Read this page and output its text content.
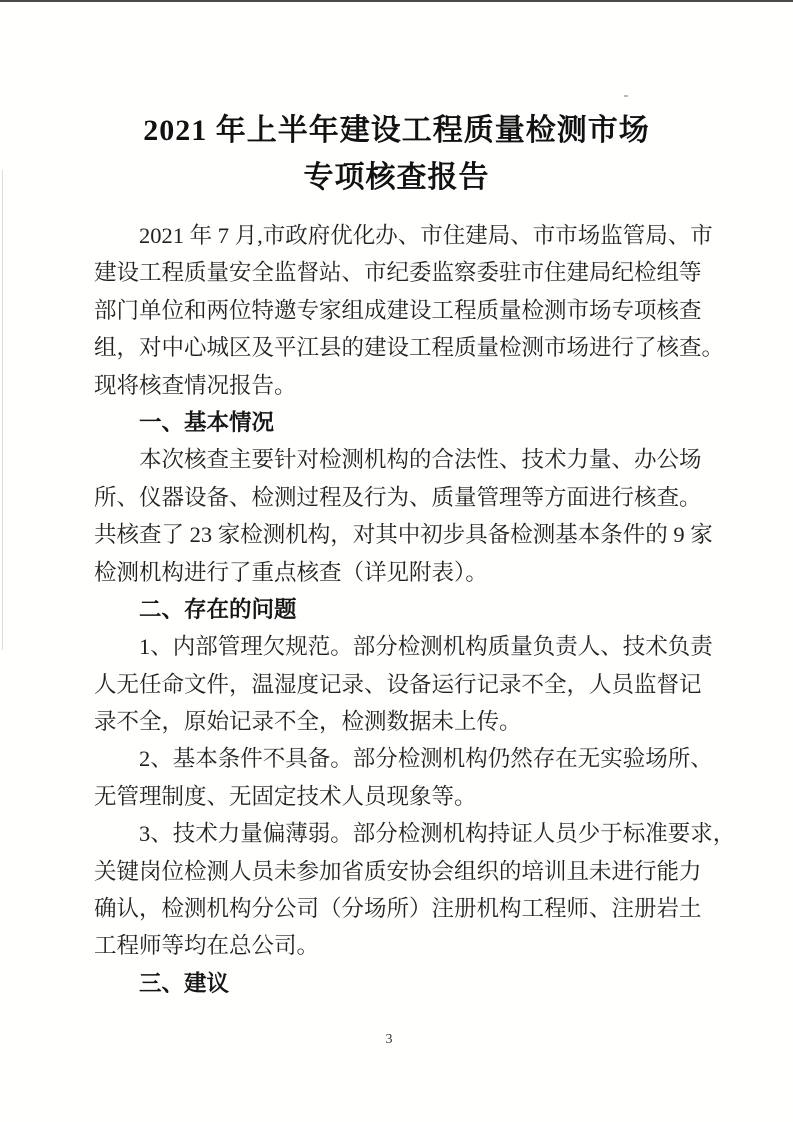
2021 年上半年建设工程质量检测市场
专项核查报告
2021 年 7 月,市政府优化办、市住建局、市市场监管局、市
建设工程质量安全监督站、市纪委监察委驻市住建局纪检组等
部门单位和两位特邀专家组成建设工程质量检测市场专项核查
组，对中心城区及平江县的建设工程质量检测市场进行了核查。
现将核查情况报告。
一、基本情况
本次核查主要针对检测机构的合法性、技术力量、办公场
所、仪器设备、检测过程及行为、质量管理等方面进行核查。
共核查了 23 家检测机构，对其中初步具备检测基本条件的 9 家
检测机构进行了重点核查（详见附表）。
二、存在的问题
1、内部管理欠规范。部分检测机构质量负责人、技术负责
人无任命文件，温湿度记录、设备运行记录不全，人员监督记
录不全，原始记录不全，检测数据未上传。
2、基本条件不具备。部分检测机构仍然存在无实验场所、
无管理制度、无固定技术人员现象等。
3、技术力量偏薄弱。部分检测机构持证人员少于标准要求，
关键岗位检测人员未参加省质安协会组织的培训且未进行能力
确认，检测机构分公司（分场所）注册机构工程师、注册岩土
工程师等均在总公司。
三、建议
3
